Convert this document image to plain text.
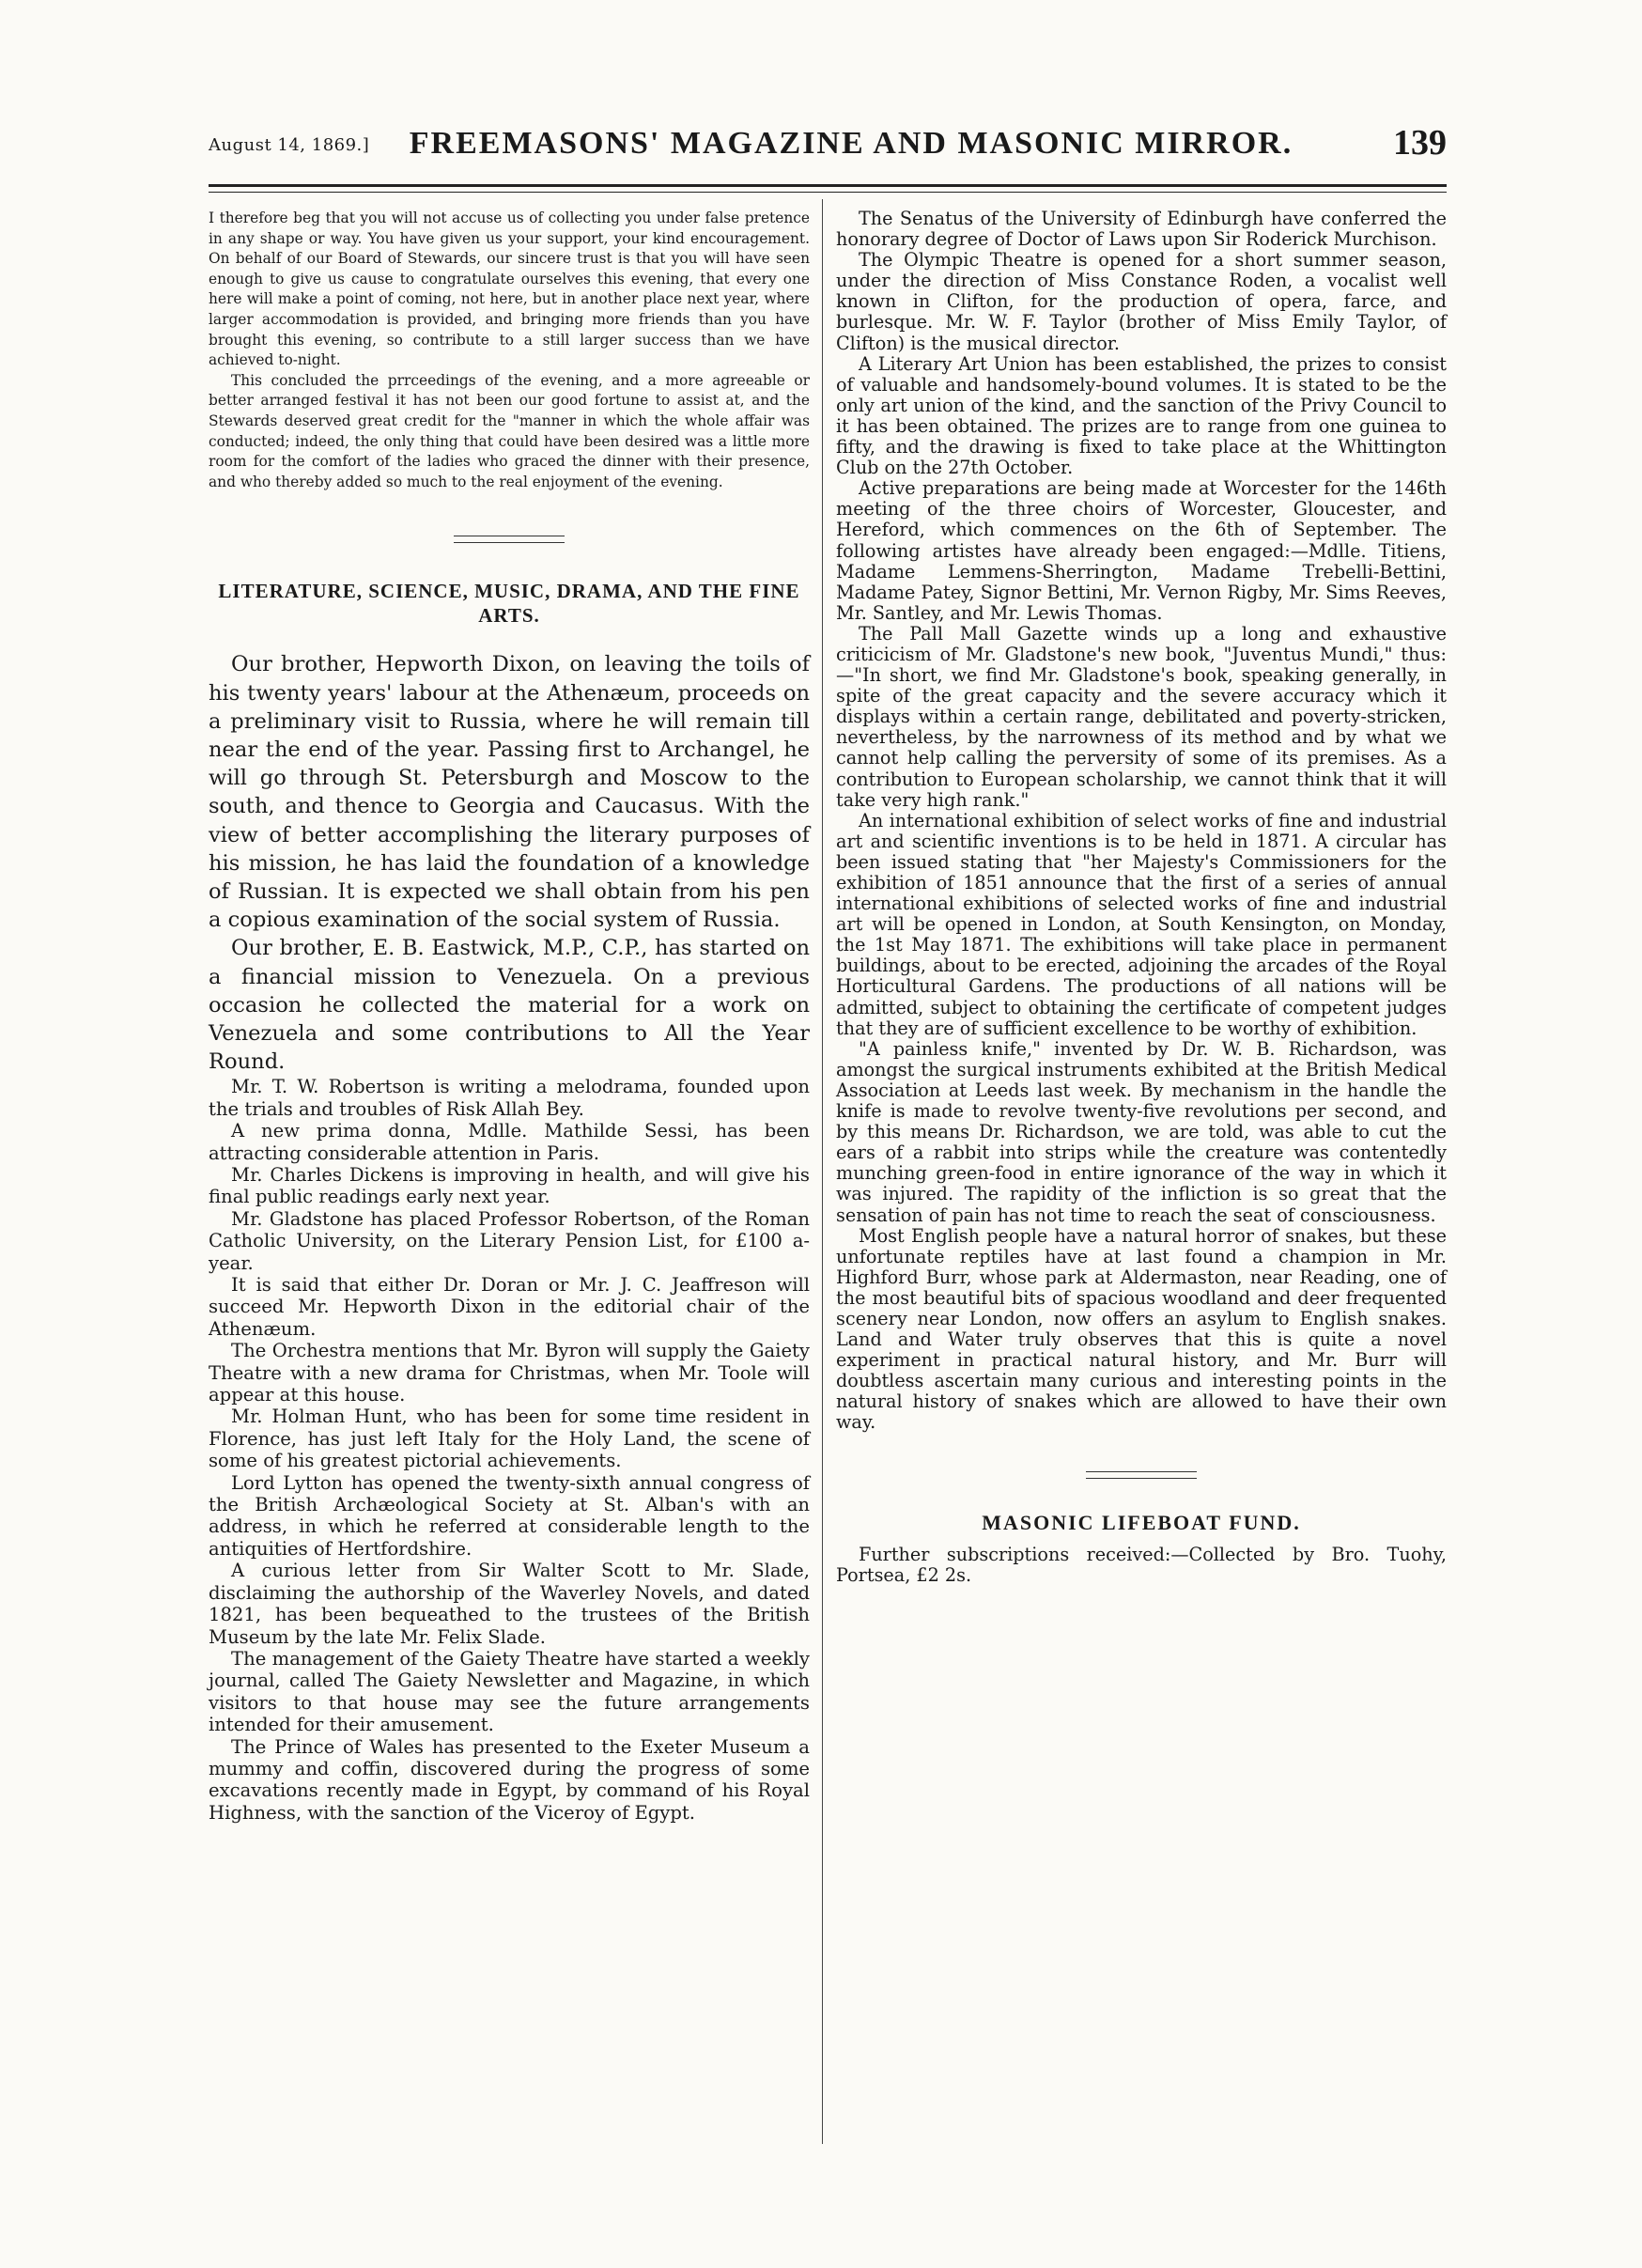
August 14, 1869.]	FREEMASONS' MAGAZINE AND MASONIC MIRROR.	139

I therefore beg that you will not accuse us of collecting you under false pretence in any shape or way. You have given us your support, your kind encouragement. On behalf of our Board of Stewards, our sincere trust is that you will have seen enough to give us cause to congratulate ourselves this evening, that every one here will make a point of coming, not here, but in another place next year, where larger accommodation is provided, and bringing more friends than you have brought this evening, so contribute to a still larger success than we have achieved to-night.

This concluded the prrceedings of the evening, and a more agreeable or better arranged festival it has not been our good fortune to assist at, and the Stewards deserved great credit for the "manner in which the whole affair was conducted; indeed, the only thing that could have been desired was a little more room for the comfort of the ladies who graced the dinner with their presence, and who thereby added so much to the real enjoyment of the evening.

LITERATURE, SCIENCE, MUSIC, DRAMA, AND THE FINE ARTS.

Our brother, Hepworth Dixon, on leaving the toils of his twenty years' labour at the Athenæum, proceeds on a preliminary visit to Russia, where he will remain till near the end of the year. Passing first to Archangel, he will go through St. Petersburgh and Moscow to the south, and thence to Georgia and Caucasus. With the view of better accomplishing the literary purposes of his mission, he has laid the foundation of a knowledge of Russian. It is expected we shall obtain from his pen a copious examination of the social system of Russia.

Our brother, E. B. Eastwick, M.P., C.P., has started on a financial mission to Venezuela. On a previous occasion he collected the material for a work on Venezuela and some contributions to All the Year Round.

Mr. T. W. Robertson is writing a melodrama, founded upon the trials and troubles of Risk Allah Bey.

A new prima donna, Mdlle. Mathilde Sessi, has been attracting considerable attention in Paris.

Mr. Charles Dickens is improving in health, and will give his final public readings early next year.

Mr. Gladstone has placed Professor Robertson, of the Roman Catholic University, on the Literary Pension List, for £100 a-year.

It is said that either Dr. Doran or Mr. J. C. Jeaffreson will succeed Mr. Hepworth Dixon in the editorial chair of the Athenæum.

The Orchestra mentions that Mr. Byron will supply the Gaiety Theatre with a new drama for Christmas, when Mr. Toole will appear at this house.

Mr. Holman Hunt, who has been for some time resident in Florence, has just left Italy for the Holy Land, the scene of some of his greatest pictorial achievements.

Lord Lytton has opened the twenty-sixth annual congress of the British Archæological Society at St. Alban's with an address, in which he referred at considerable length to the antiquities of Hertfordshire.

A curious letter from Sir Walter Scott to Mr. Slade, disclaiming the authorship of the Waverley Novels, and dated 1821, has been bequeathed to the trustees of the British Museum by the late Mr. Felix Slade.

The management of the Gaiety Theatre have started a weekly journal, called The Gaiety Newsletter and Magazine, in which visitors to that house may see the future arrangements intended for their amusement.

The Prince of Wales has presented to the Exeter Museum a mummy and coffin, discovered during the progress of some excavations recently made in Egypt, by command of his Royal Highness, with the sanction of the Viceroy of Egypt.

The Senatus of the University of Edinburgh have conferred the honorary degree of Doctor of Laws upon Sir Roderick Murchison.

The Olympic Theatre is opened for a short summer season, under the direction of Miss Constance Roden, a vocalist well known in Clifton, for the production of opera, farce, and burlesque. Mr. W. F. Taylor (brother of Miss Emily Taylor, of Clifton) is the musical director.

A Literary Art Union has been established, the prizes to consist of valuable and handsomely-bound volumes. It is stated to be the only art union of the kind, and the sanction of the Privy Council to it has been obtained. The prizes are to range from one guinea to fifty, and the drawing is fixed to take place at the Whittington Club on the 27th October.

Active preparations are being made at Worcester for the 146th meeting of the three choirs of Worcester, Gloucester, and Hereford, which commences on the 6th of September. The following artistes have already been engaged:—Mdlle. Titiens, Madame Lemmens-Sherrington, Madame Trebelli-Bettini, Madame Patey, Signor Bettini, Mr. Vernon Rigby, Mr. Sims Reeves, Mr. Santley, and Mr. Lewis Thomas.

The Pall Mall Gazette winds up a long and exhaustive criticicism of Mr. Gladstone's new book, "Juventus Mundi," thus:—"In short, we find Mr. Gladstone's book, speaking generally, in spite of the great capacity and the severe accuracy which it displays within a certain range, debilitated and poverty-stricken, nevertheless, by the narrowness of its method and by what we cannot help calling the perversity of some of its premises. As a contribution to European scholarship, we cannot think that it will take very high rank."

An international exhibition of select works of fine and industrial art and scientific inventions is to be held in 1871. A circular has been issued stating that "her Majesty's Commissioners for the exhibition of 1851 announce that the first of a series of annual international exhibitions of selected works of fine and industrial art will be opened in London, at South Kensington, on Monday, the 1st May 1871. The exhibitions will take place in permanent buildings, about to be erected, adjoining the arcades of the Royal Horticultural Gardens. The productions of all nations will be admitted, subject to obtaining the certificate of competent judges that they are of sufficient excellence to be worthy of exhibition.

"A painless knife," invented by Dr. W. B. Richardson, was amongst the surgical instruments exhibited at the British Medical Association at Leeds last week. By mechanism in the handle the knife is made to revolve twenty-five revolutions per second, and by this means Dr. Richardson, we are told, was able to cut the ears of a rabbit into strips while the creature was contentedly munching green-food in entire ignorance of the way in which it was injured. The rapidity of the infliction is so great that the sensation of pain has not time to reach the seat of consciousness.

Most English people have a natural horror of snakes, but these unfortunate reptiles have at last found a champion in Mr. Highford Burr, whose park at Aldermaston, near Reading, one of the most beautiful bits of spacious woodland and deer frequented scenery near London, now offers an asylum to English snakes. Land and Water truly observes that this is quite a novel experiment in practical natural history, and Mr. Burr will doubtless ascertain many curious and interesting points in the natural history of snakes which are allowed to have their own way.

MASONIC LIFEBOAT FUND.

Further subscriptions received:—Collected by Bro. Tuohy, Portsea, £2 2s.
